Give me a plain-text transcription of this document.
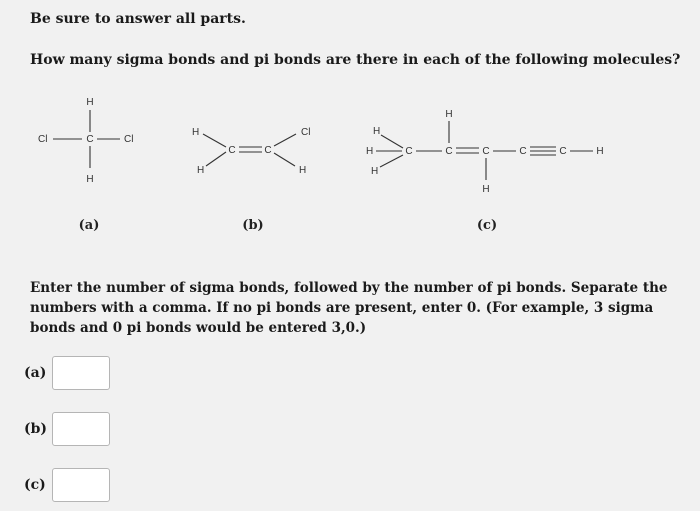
Be sure to answer all parts.

How many sigma bonds and pi bonds are there in each of the following molecules?

H
Cl	C	Cl
H
(a)
H
H
C	C
Cl
H
(b)
H
H
H
C
H
C	C
H
C	C	H
(c)

Enter the number of sigma bonds, followed by the number of pi bonds. Separate the numbers with a comma. If no pi bonds are present, enter 0. (For example, 3 sigma bonds and 0 pi bonds would be entered 3,0.)

(a)
(b)
(c)
